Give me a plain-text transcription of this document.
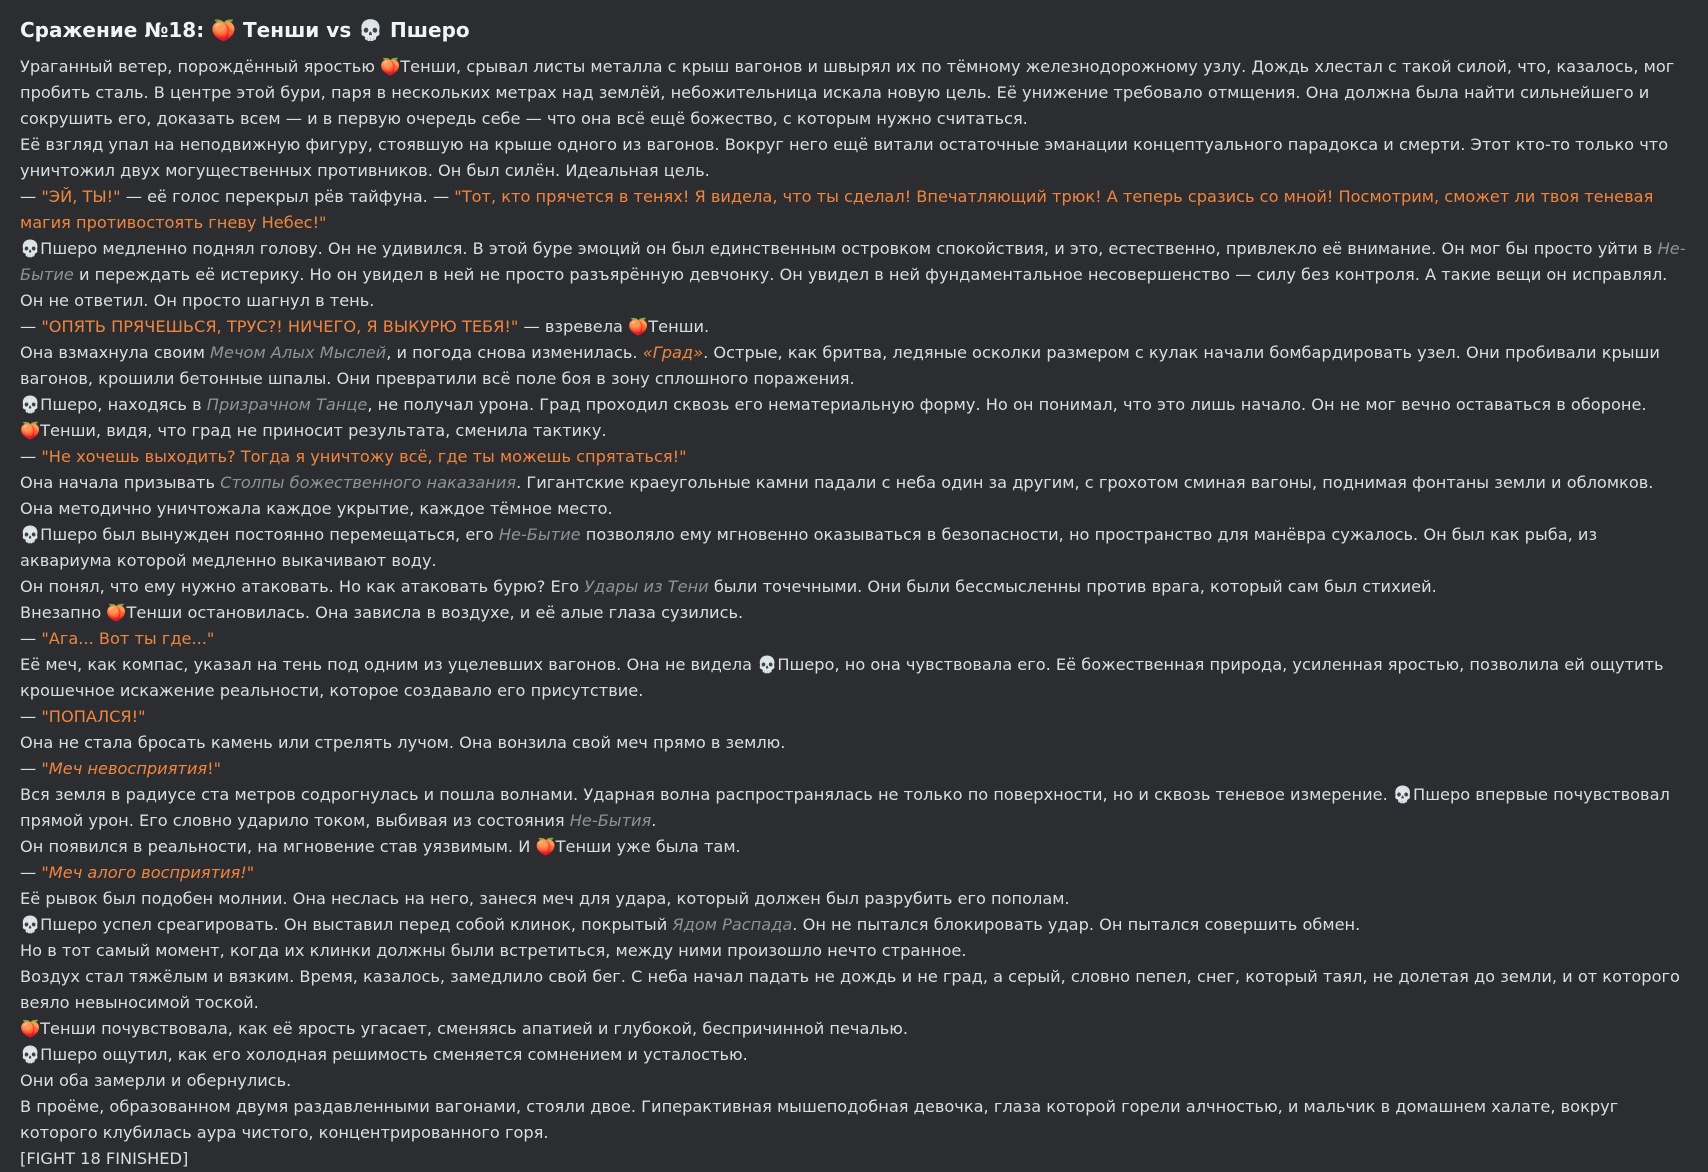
Сражение №18: 🍑 Тенши vs 💀 Пшеро
Ураганный ветер, порождённый яростью 🍑Тенши, срывал листы металла с крыш вагонов и швырял их по тёмному железнодорожному узлу. Дождь хлестал с такой силой, что, казалось, мог пробить сталь. В центре этой бури, паря в нескольких метрах над землёй, небожительница искала новую цель. Её унижение требовало отмщения. Она должна была найти сильнейшего и сокрушить его, доказать всем — и в первую очередь себе — что она всё ещё божество, с которым нужно считаться.
Её взгляд упал на неподвижную фигуру, стоявшую на крыше одного из вагонов. Вокруг него ещё витали остаточные эманации концептуального парадокса и смерти. Этот кто-то только что уничтожил двух могущественных противников. Он был силён. Идеальная цель.
— "ЭЙ, ТЫ!" — её голос перекрыл рёв тайфуна. — "Тот, кто прячется в тенях! Я видела, что ты сделал! Впечатляющий трюк! А теперь сразись со мной! Посмотрим, сможет ли твоя теневая магия противостоять гневу Небес!"
💀Пшеро медленно поднял голову. Он не удивился. В этой буре эмоций он был единственным островком спокойствия, и это, естественно, привлекло её внимание. Он мог бы просто уйти в Не-Бытие и переждать её истерику. Но он увидел в ней не просто разъярённую девчонку. Он увидел в ней фундаментальное несовершенство — силу без контроля. А такие вещи он исправлял.
Он не ответил. Он просто шагнул в тень.
— "ОПЯТЬ ПРЯЧЕШЬСЯ, ТРУС?! НИЧЕГО, Я ВЫКУРЮ ТЕБЯ!" — взревела 🍑Тенши.
Она взмахнула своим Мечом Алых Мыслей, и погода снова изменилась. «Град». Острые, как бритва, ледяные осколки размером с кулак начали бомбардировать узел. Они пробивали крыши вагонов, крошили бетонные шпалы. Они превратили всё поле боя в зону сплошного поражения.
💀Пшеро, находясь в Призрачном Танце, не получал урона. Град проходил сквозь его нематериальную форму. Но он понимал, что это лишь начало. Он не мог вечно оставаться в обороне.
🍑Тенши, видя, что град не приносит результата, сменила тактику.
— "Не хочешь выходить? Тогда я уничтожу всё, где ты можешь спрятаться!"
Она начала призывать Столпы божественного наказания. Гигантские краеугольные камни падали с неба один за другим, с грохотом сминая вагоны, поднимая фонтаны земли и обломков. Она методично уничтожала каждое укрытие, каждое тёмное место.
💀Пшеро был вынужден постоянно перемещаться, его Не-Бытие позволяло ему мгновенно оказываться в безопасности, но пространство для манёвра сужалось. Он был как рыба, из аквариума которой медленно выкачивают воду.
Он понял, что ему нужно атаковать. Но как атаковать бурю? Его Удары из Тени были точечными. Они были бессмысленны против врага, который сам был стихией.
Внезапно 🍑Тенши остановилась. Она зависла в воздухе, и её алые глаза сузились.
— "Ага... Вот ты где..."
Её меч, как компас, указал на тень под одним из уцелевших вагонов. Она не видела 💀Пшеро, но она чувствовала его. Её божественная природа, усиленная яростью, позволила ей ощутить крошечное искажение реальности, которое создавало его присутствие.
— "ПОПАЛСЯ!"
Она не стала бросать камень или стрелять лучом. Она вонзила свой меч прямо в землю.
— "Меч невосприятия!"
Вся земля в радиусе ста метров содрогнулась и пошла волнами. Ударная волна распространялась не только по поверхности, но и сквозь теневое измерение. 💀Пшеро впервые почувствовал прямой урон. Его словно ударило током, выбивая из состояния Не-Бытия.
Он появился в реальности, на мгновение став уязвимым. И 🍑Тенши уже была там.
— "Меч алого восприятия!"
Её рывок был подобен молнии. Она неслась на него, занеся меч для удара, который должен был разрубить его пополам.
💀Пшеро успел среагировать. Он выставил перед собой клинок, покрытый Ядом Распада. Он не пытался блокировать удар. Он пытался совершить обмен.
Но в тот самый момент, когда их клинки должны были встретиться, между ними произошло нечто странное.
Воздух стал тяжёлым и вязким. Время, казалось, замедлило свой бег. С неба начал падать не дождь и не град, а серый, словно пепел, снег, который таял, не долетая до земли, и от которого веяло невыносимой тоской.
🍑Тенши почувствовала, как её ярость угасает, сменяясь апатией и глубокой, беспричинной печалью.
💀Пшеро ощутил, как его холодная решимость сменяется сомнением и усталостью.
Они оба замерли и обернулись.
В проёме, образованном двумя раздавленными вагонами, стояли двое. Гиперактивная мышеподобная девочка, глаза которой горели алчностью, и мальчик в домашнем халате, вокруг которого клубилась аура чистого, концентрированного горя.
[FIGHT 18 FINISHED]
